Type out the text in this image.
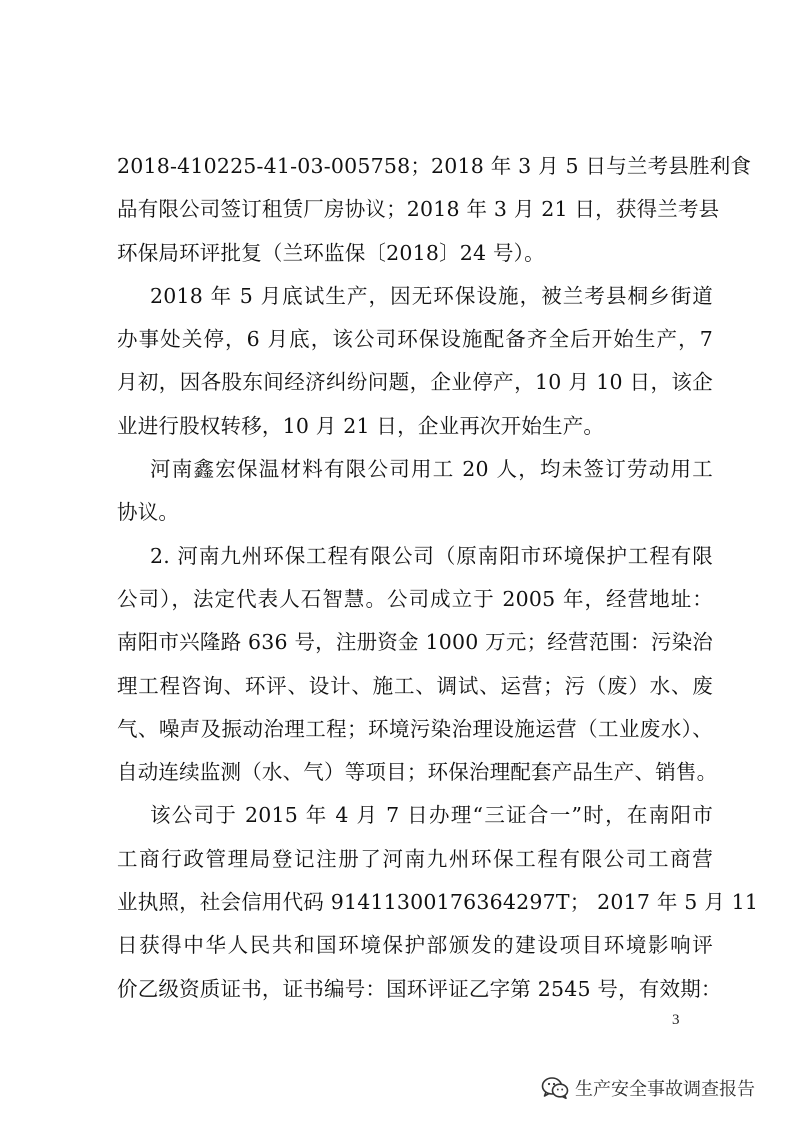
2018-410225-41-03-005758；2018 年 3 月 5 日与兰考县胜利食
品有限公司签订租赁厂房协议；2018 年 3 月 21 日，获得兰考县
环保局环评批复（兰环监保〔2018〕24 号）。
2018 年 5 月底试生产，因无环保设施，被兰考县桐乡街道
办事处关停，6 月底，该公司环保设施配备齐全后开始生产，7
月初，因各股东间经济纠纷问题，企业停产，10 月 10 日，该企
业进行股权转移，10 月 21 日，企业再次开始生产。
河南鑫宏保温材料有限公司用工 20 人，均未签订劳动用工
协议。
2. 河南九州环保工程有限公司（原南阳市环境保护工程有限
公司），法定代表人石智慧。公司成立于 2005 年，经营地址：
南阳市兴隆路 636 号，注册资金 1000 万元；经营范围：污染治
理工程咨询、环评、设计、施工、调试、运营；污（废）水、废
气、噪声及振动治理工程；环境污染治理设施运营（工业废水）、
自动连续监测（水、气）等项目；环保治理配套产品生产、销售。
该公司于 2015 年 4 月 7 日办理“三证合一”时，在南阳市
工商行政管理局登记注册了河南九州环保工程有限公司工商营
业执照，社会信用代码 91411300176364297T； 2017 年 5 月 11
日获得中华人民共和国环境保护部颁发的建设项目环境影响评
价乙级资质证书，证书编号：国环评证乙字第 2545 号，有效期：
3
生产安全事故调查报告
